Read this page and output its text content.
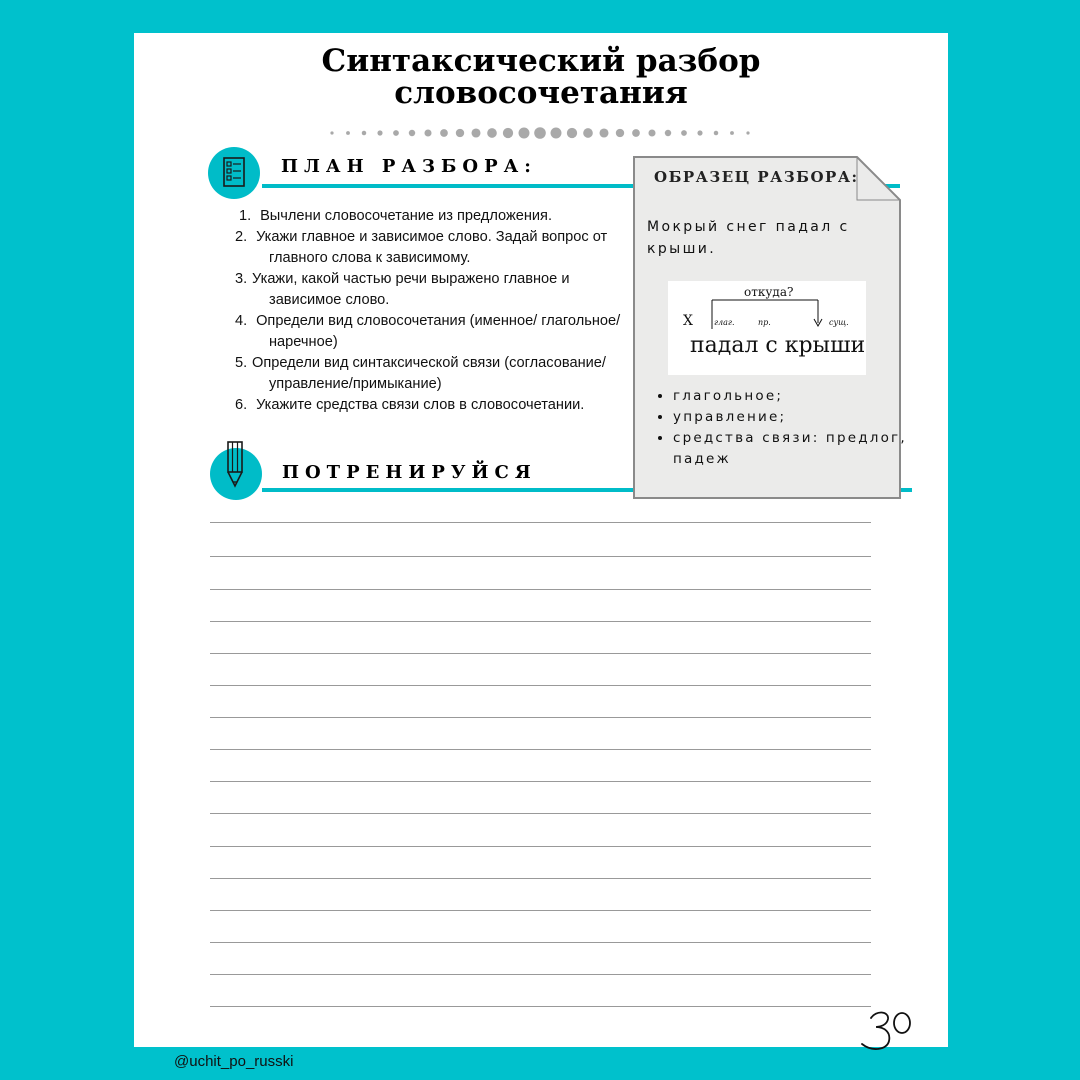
Синтаксический разбор
словосочетания
ПЛАН РАЗБОРА:
Вычлени словосочетание из предложения.
Укажи главное и зависимое слово. Задай вопрос от главного слова к зависимому.
Укажи, какой частью речи выражено главное и зависимое слово.
Определи вид словосочетания (именное/ глагольное/наречное)
Определи вид синтаксической связи (согласование/управление/примыкание)
Укажите средства связи слов в словосочетании.
ПОТРЕНИРУЙСЯ
ОБРАЗЕЦ РАЗБОРА:

Мокрый снег падал с крыши.

откуда?
X	глаг.	пр.	сущ.
падал с крыши
• глагольное;
• управление;
• средства связи: предлог, падеж
@uchit_po_russki
